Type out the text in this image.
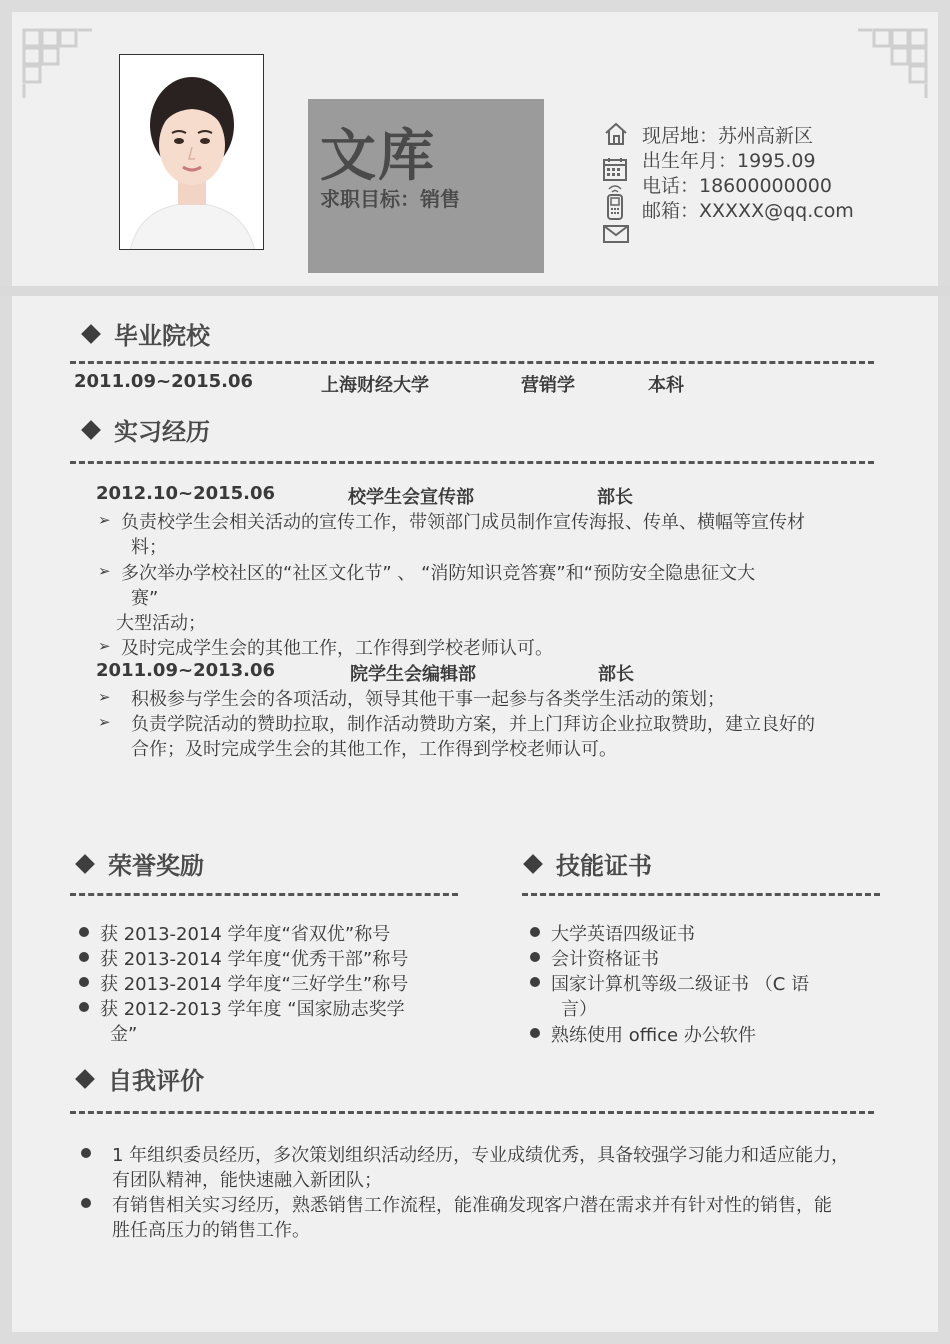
文库
求职目标：销售
现居地：苏州高新区
出生年月：1995.09
电话：18600000000
邮箱：XXXXX@qq.com
毕业院校
2011.09~2015.06	上海财经大学	营销学	本科
实习经历
2012.10~2015.06	校学生会宣传部	部长
➢ 负责校学生会相关活动的宣传工作，带领部门成员制作宣传海报、传单、横幅等宣传材
料；
➢ 多次举办学校社区的“社区文化节” 、 “消防知识竞答赛”和“预防安全隐患征文大
赛”
大型活动；
➢ 及时完成学生会的其他工作，工作得到学校老师认可。
2011.09~2013.06	院学生会编辑部	部长
➢ 积极参与学生会的各项活动，领导其他干事一起参与各类学生活动的策划；
➢ 负责学院活动的赞助拉取，制作活动赞助方案，并上门拜访企业拉取赞助，建立良好的
合作；及时完成学生会的其他工作，工作得到学校老师认可。
荣誉奖励
获 2013-2014 学年度“省双优”称号
获 2013-2014 学年度“优秀干部”称号
获 2013-2014 学年度“三好学生”称号
获 2012-2013 学年度 “国家励志奖学
金”
技能证书
大学英语四级证书
会计资格证书
国家计算机等级二级证书 （C 语
言）
熟练使用 office 办公软件
自我评价
1 年组织委员经历，多次策划组织活动经历，专业成绩优秀，具备较强学习能力和适应能力，
有团队精神，能快速融入新团队；
有销售相关实习经历，熟悉销售工作流程，能准确发现客户潜在需求并有针对性的销售，能
胜任高压力的销售工作。
